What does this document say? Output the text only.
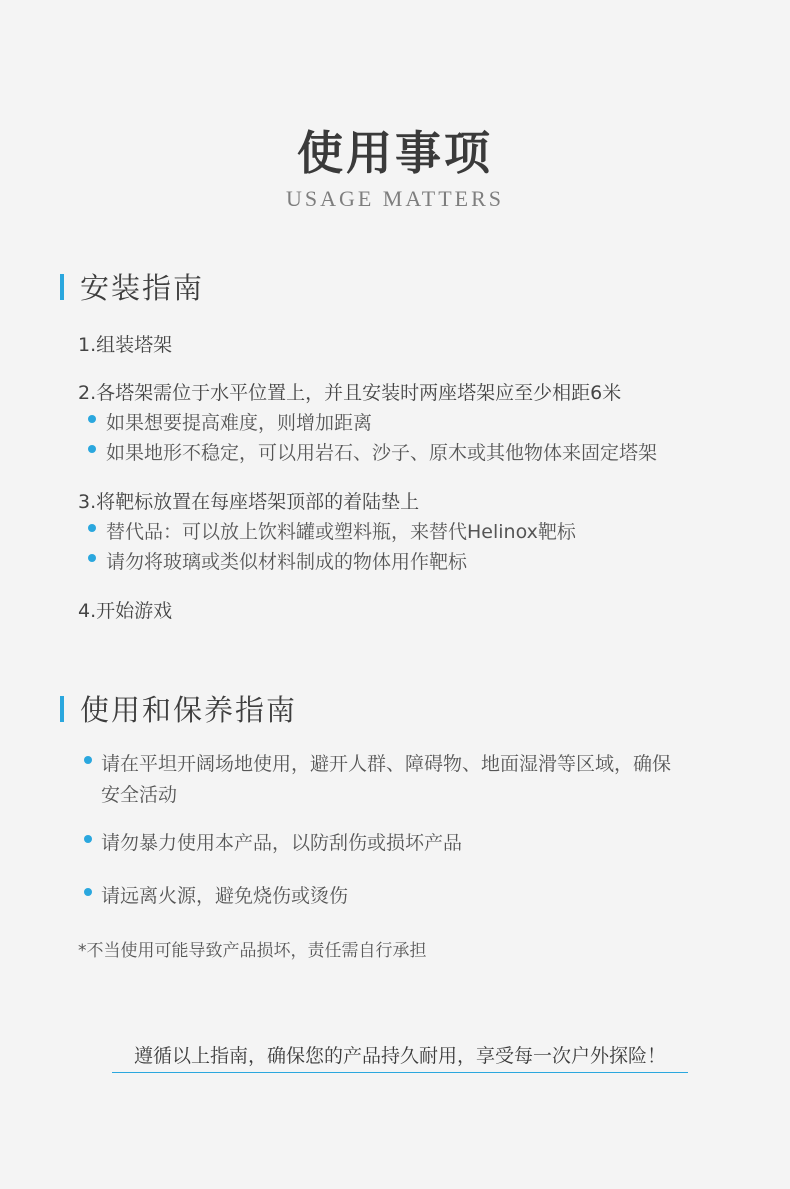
使用事项
USAGE MATTERS
安装指南
1.组装塔架
2.各塔架需位于水平位置上，并且安装时两座塔架应至少相距6米
如果想要提高难度，则增加距离
如果地形不稳定，可以用岩石、沙子、原木或其他物体来固定塔架
3.将靶标放置在每座塔架顶部的着陆垫上
替代品：可以放上饮料罐或塑料瓶，来替代Helinox靶标
请勿将玻璃或类似材料制成的物体用作靶标
4.开始游戏
使用和保养指南
请在平坦开阔场地使用，避开人群、障碍物、地面湿滑等区域，确保
安全活动
请勿暴力使用本产品，以防刮伤或损坏产品
请远离火源，避免烧伤或烫伤
*不当使用可能导致产品损坏，责任需自行承担
遵循以上指南，确保您的产品持久耐用，享受每一次户外探险！
